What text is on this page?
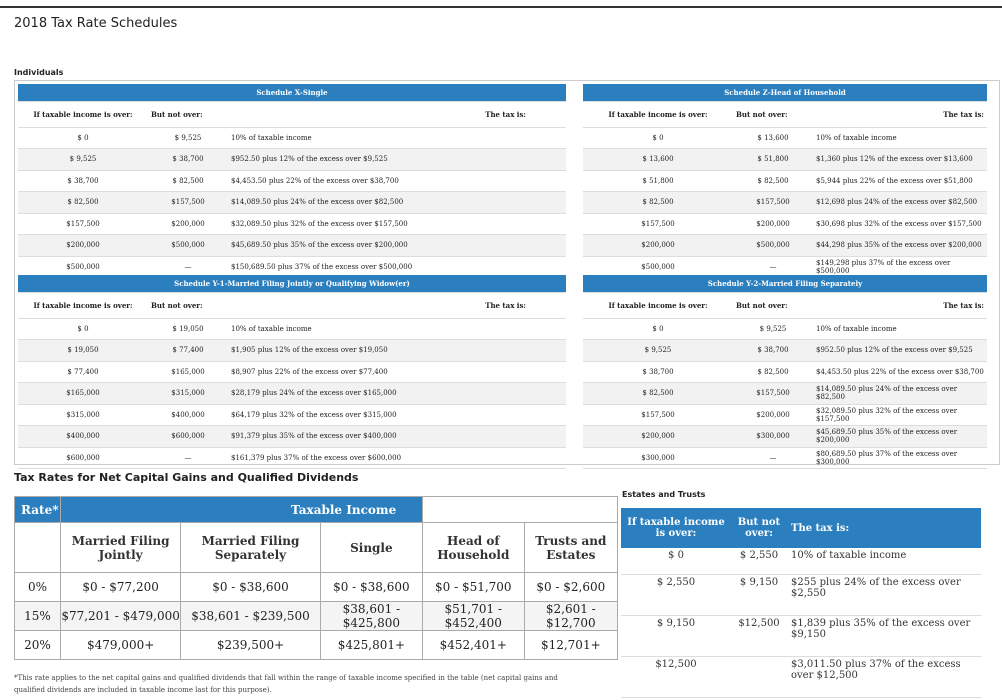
2018 Tax Rate Schedules
Individuals
Schedule X-Single		
If taxable income is over:	But not over:	The tax is:
$ 0	$ 9,525	10% of taxable income
$ 9,525	$ 38,700	$952.50 plus 12% of the excess over $9,525
$ 38,700	$ 82,500	$4,453.50 plus 22% of the excess over $38,700
$ 82,500	$157,500	$14,089.50 plus 24% of the excess over $82,500
$157,500	$200,000	$32,089.50 plus 32% of the excess over $157,500
$200,000	$500,000	$45,689.50 plus 35% of the excess over $200,000
$500,000	—	$150,689.50 plus 37% of the excess over $500,000
Schedule Z-Head of Household		
If taxable income is over:	But not over:	The tax is:
$ 0	$ 13,600	10% of taxable income
$ 13,600	$ 51,800	$1,360 plus 12% of the excess over $13,600
$ 51,800	$ 82,500	$5,944 plus 22% of the excess over $51,800
$ 82,500	$157,500	$12,698 plus 24% of the excess over $82,500
$157,500	$200,000	$30,698 plus 32% of the excess over $157,500
$200,000	$500,000	$44,298 plus 35% of the excess over $200,000
$500,000	—	$149,298 plus 37% of the excess over $500,000
Schedule Y-1-Married Filing Jointly or Qualifying Widow(er)		
If taxable income is over:	But not over:	The tax is:
$ 0	$ 19,050	10% of taxable income
$ 19,050	$ 77,400	$1,905 plus 12% of the excess over $19,050
$ 77,400	$165,000	$8,907 plus 22% of the excess over $77,400
$165,000	$315,000	$28,179 plus 24% of the excess over $165,000
$315,000	$400,000	$64,179 plus 32% of the excess over $315,000
$400,000	$600,000	$91,379 plus 35% of the excess over $400,000
$600,000	—	$161,379 plus 37% of the excess over $600,000
Schedule Y-2-Married Filing Separately		
If taxable income is over:	But not over:	The tax is:
$ 0	$ 9,525	10% of taxable income
$ 9,525	$ 38,700	$952.50 plus 12% of the excess over $9,525
$ 38,700	$ 82,500	$4,453.50 plus 22% of the excess over $38,700
$ 82,500	$157,500	$14,089.50 plus 24% of the excess over $82,500
$157,500	$200,000	$32,089.50 plus 32% of the excess over $157,500
$200,000	$300,000	$45,689.50 plus 35% of the excess over $200,000
$300,000	—	$80,689.50 plus 37% of the excess over $300,000
Tax Rates for Net Capital Gains and Qualified Dividends
Rate*	Taxable Income				
	Married Filing Jointly	Married Filing Separately	Single	Head of Household	Trusts and Estates
0%	$0 - $77,200	$0 - $38,600	$0 - $38,600	$0 - $51,700	$0 - $2,600
15%	$77,201 - $479,000	$38,601 - $239,500	$38,601 - $425,800	$51,701 - $452,400	$2,601 - $12,700
20%	$479,000+	$239,500+	$425,801+	$452,401+	$12,701+
*This rate applies to the net capital gains and qualified dividends that fall within the range of taxable income specified in the table (net capital gains and qualified dividends are included in taxable income last for this purpose).
Estates and Trusts
If taxable income is over:	But not over:	The tax is:
$ 0	$ 2,550	10% of taxable income
$ 2,550	$ 9,150	$255 plus 24% of the excess over $2,550
$ 9,150	$12,500	$1,839 plus 35% of the excess over $9,150
$12,500		$3,011.50 plus 37% of the excess over $12,500
